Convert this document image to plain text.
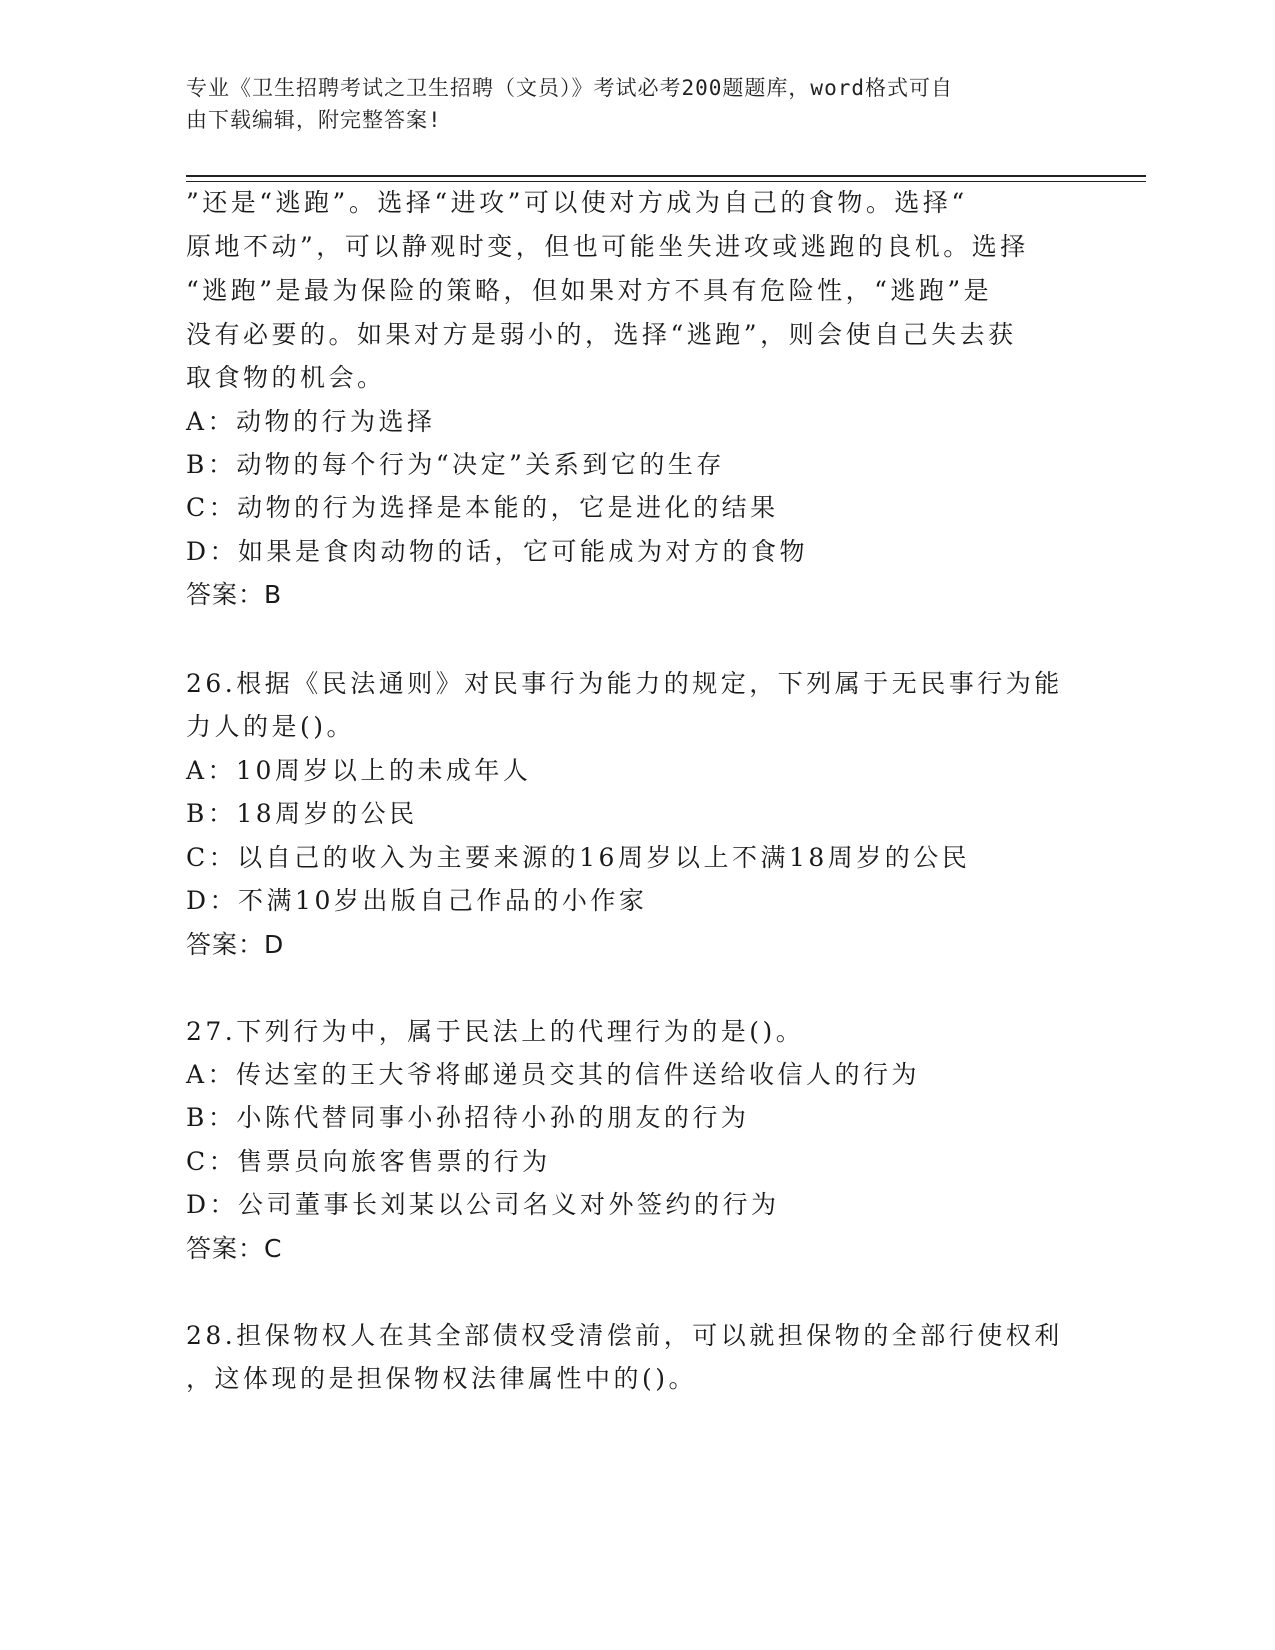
专业《卫生招聘考试之卫生招聘（文员）》考试必考200题题库，word格式可自
由下载编辑，附完整答案!
”还是“逃跑”。选择“进攻”可以使对方成为自己的食物。选择“
原地不动”，可以静观时变，但也可能坐失进攻或逃跑的良机。选择
“逃跑”是最为保险的策略，但如果对方不具有危险性，“逃跑”是
没有必要的。如果对方是弱小的，选择“逃跑”，则会使自己失去获
取食物的机会。
A：动物的行为选择
B：动物的每个行为“决定”关系到它的生存
C：动物的行为选择是本能的，它是进化的结果
D：如果是食肉动物的话，它可能成为对方的食物
答案：B
26.根据《民法通则》对民事行为能力的规定，下列属于无民事行为能
力人的是()。
A：10周岁以上的未成年人
B：18周岁的公民
C：以自己的收入为主要来源的16周岁以上不满18周岁的公民
D：不满10岁出版自己作品的小作家
答案：D
27.下列行为中，属于民法上的代理行为的是()。
A：传达室的王大爷将邮递员交其的信件送给收信人的行为
B：小陈代替同事小孙招待小孙的朋友的行为
C：售票员向旅客售票的行为
D：公司董事长刘某以公司名义对外签约的行为
答案：C
28.担保物权人在其全部债权受清偿前，可以就担保物的全部行使权利
，这体现的是担保物权法律属性中的()。
